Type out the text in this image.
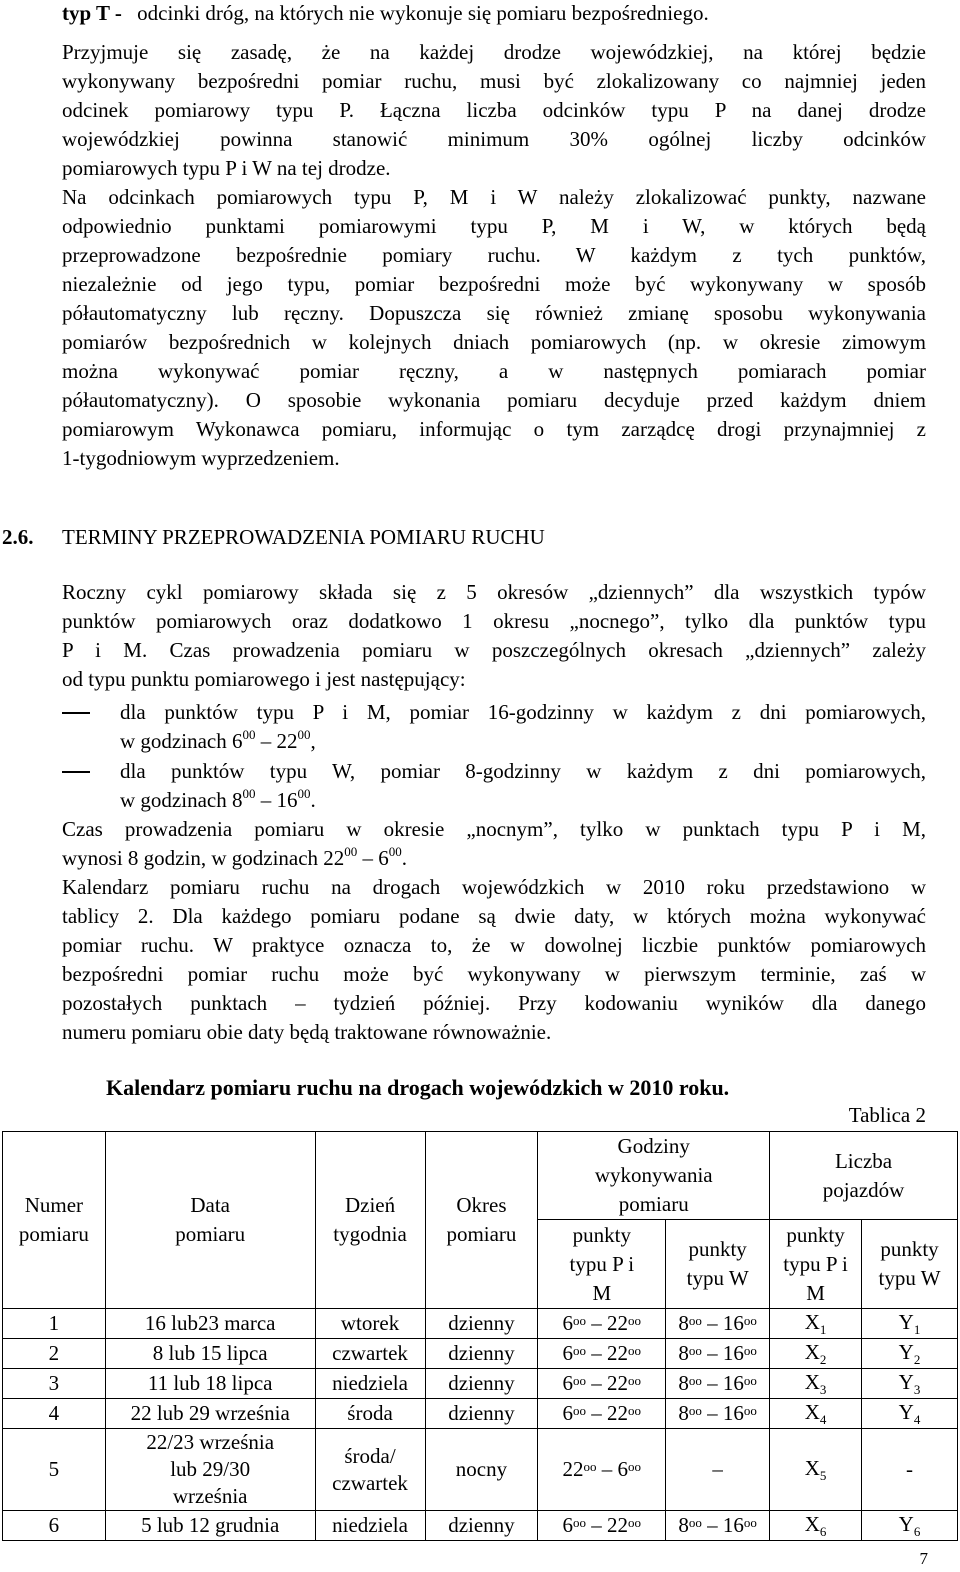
typ T - odcinki dróg, na których nie wykonuje się pomiaru bezpośredniego.
Przyjmuje się zasadę, że na każdej drodze wojewódzkiej, na której będzie
wykonywany bezpośredni pomiar ruchu, musi być zlokalizowany co najmniej jeden
odcinek pomiarowy typu P. Łączna liczba odcinków typu P na danej drodze
wojewódzkiej powinna stanowić minimum 30% ogólnej liczby odcinków
pomiarowych typu P i W na tej drodze.
Na odcinkach pomiarowych typu P, M i W należy zlokalizować punkty, nazwane
odpowiednio punktami pomiarowymi typu P, M i W, w których będą
przeprowadzone bezpośrednie pomiary ruchu. W każdym z tych punktów,
niezależnie od jego typu, pomiar bezpośredni może być wykonywany w sposób
półautomatyczny lub ręczny. Dopuszcza się również zmianę sposobu wykonywania
pomiarów bezpośrednich w kolejnych dniach pomiarowych (np. w okresie zimowym
można wykonywać pomiar ręczny, a w następnych pomiarach pomiar
półautomatyczny). O sposobie wykonania pomiaru decyduje przed każdym dniem
pomiarowym Wykonawca pomiaru, informując o tym zarządcę drogi przynajmniej z
1-tygodniowym wyprzedzeniem.
2.6. TERMINY PRZEPROWADZENIA POMIARU RUCHU
Roczny cykl pomiarowy składa się z 5 okresów „dziennych” dla wszystkich typów
punktów pomiarowych oraz dodatkowo 1 okresu „nocnego”, tylko dla punktów typu
P i M. Czas prowadzenia pomiaru w poszczególnych okresach „dziennych” zależy
od typu punktu pomiarowego i jest następujący:
dla punktów typu P i M, pomiar 16-godzinny w każdym z dni pomiarowych,
w godzinach $6^{00} - 22^{00}$,
dla punktów typu W, pomiar 8-godzinny w każdym z dni pomiarowych,
w godzinach $8^{00} - 16^{00}$.
Czas prowadzenia pomiaru w okresie „nocnym”, tylko w punktach typu P i M,
wynosi 8 godzin, w godzinach $22^{00} - 6^{00}$.
Kalendarz pomiaru ruchu na drogach wojewódzkich w 2010 roku przedstawiono w
tablicy 2. Dla każdego pomiaru podane są dwie daty, w których można wykonywać
pomiar ruchu. W praktyce oznacza to, że w dowolnej liczbie punktów pomiarowych
bezpośredni pomiar ruchu może być wykonywany w pierwszym terminie, zaś w
pozostałych punktach – tydzień później. Przy kodowaniu wyników dla danego
numeru pomiaru obie daty będą traktowane równoważnie.
Kalendarz pomiaru ruchu na drogach wojewódzkich w 2010 roku.
Tablica 2
Numer pomiaru	Data pomiaru	Dzień tygodnia	Okres pomiaru	Godziny wykonywania pomiaru		Liczba pojazdów	
				punkty typu P i M	punkty typu W	punkty typu P i M	punkty typu W
1	16 lub23 marca	wtorek	dzienny	$6^{oo} - 22^{oo}$	$8^{oo} - 16^{oo}$	$X_1$	$Y_1$
2	8 lub 15 lipca	czwartek	dzienny	$6^{oo} - 22^{oo}$	$8^{oo} - 16^{oo}$	$X_2$	$Y_2$
3	11 lub 18 lipca	niedziela	dzienny	$6^{oo} - 22^{oo}$	$8^{oo} - 16^{oo}$	$X_3$	$Y_3$
4	22 lub 29 września	środa	dzienny	$6^{oo} - 22^{oo}$	$8^{oo} - 16^{oo}$	$X_4$	$Y_4$
5	22/23 września lub 29/30 września	środa/ czwartek	nocny	$22^{oo} - 6^{oo}$	–	$X_5$	-
6	5 lub 12 grudnia	niedziela	dzienny	$6^{oo} - 22^{oo}$	$8^{oo} - 16^{oo}$	$X_6$	$Y_6$
7
